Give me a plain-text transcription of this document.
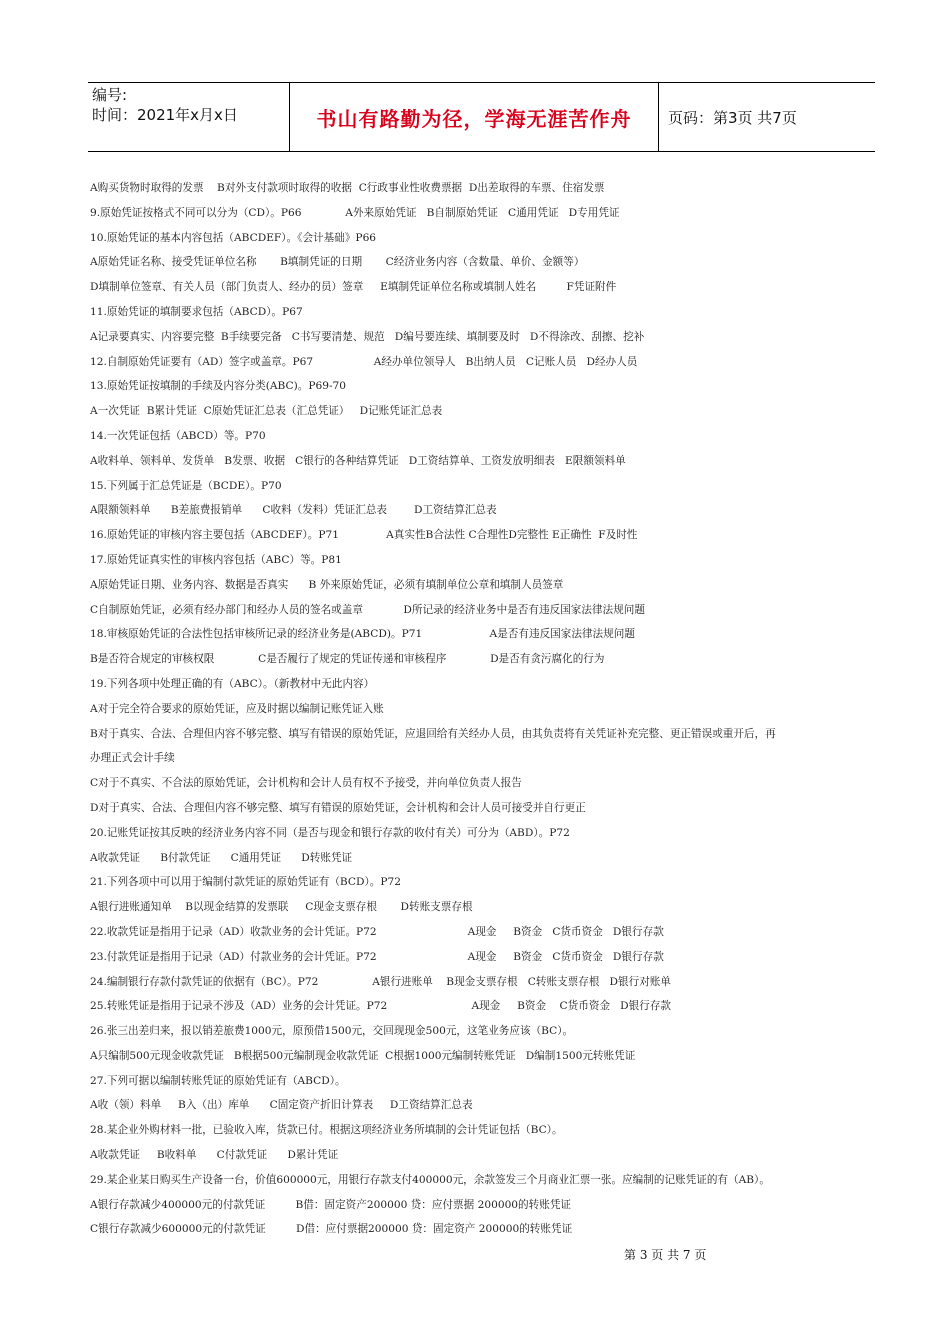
编号:
时间：2021年x月x日	书山有路勤为径，学海无涯苦作舟	页码：第3页 共7页
A购买货物时取得的发票    B对外支付款项时取得的收据  C行政事业性收费票据  D出差取得的车票、住宿发票
9.原始凭证按格式不同可以分为（CD）。P66             A外来原始凭证   B自制原始凭证   C通用凭证   D专用凭证
10.原始凭证的基本内容包括（ABCDEF）。《会计基础》P66
A原始凭证名称、接受凭证单位名称       B填制凭证的日期       C经济业务内容（含数量、单价、金额等）
D填制单位签章、有关人员（部门负责人、经办的员）签章     E填制凭证单位名称或填制人姓名         F凭证附件
11.原始凭证的填制要求包括（ABCD）。P67
A记录要真实、内容要完整  B手续要完备   C书写要清楚、规范   D编号要连续、填制要及时   D不得涂改、刮擦、挖补
12.自制原始凭证要有（AD）签字或盖章。P67                  A经办单位领导人   B出纳人员   C记账人员   D经办人员
13.原始凭证按填制的手续及内容分类(ABC)。P69-70
A一次凭证  B累计凭证  C原始凭证汇总表（汇总凭证）   D记账凭证汇总表
14.一次凭证包括（ABCD）等。P70
A收料单、领料单、发货单   B发票、收据   C银行的各种结算凭证   D工资结算单、工资发放明细表   E限额领料单
15.下列属于汇总凭证是（BCDE）。P70
A限额领料单      B差旅费报销单      C收料（发料）凭证汇总表        D工资结算汇总表
16.原始凭证的审核内容主要包括（ABCDEF）。P71              A真实性B合法性 C合理性D完整性 E正确性  F及时性
17.原始凭证真实性的审核内容包括（ABC）等。P81
A原始凭证日期、业务内容、数据是否真实      B 外来原始凭证，必须有填制单位公章和填制人员签章
C自制原始凭证，必须有经办部门和经办人员的签名或盖章            D所记录的经济业务中是否有违反国家法律法规问题
18.审核原始凭证的合法性包括审核所记录的经济业务是(ABCD)。P71                    A是否有违反国家法律法规问题
B是否符合规定的审核权限             C是否履行了规定的凭证传递和审核程序             D是否有贪污腐化的行为
19.下列各项中处理正确的有（ABC）。（新教材中无此内容）
A对于完全符合要求的原始凭证，应及时据以编制记账凭证入账
B对于真实、合法、合理但内容不够完整、填写有错误的原始凭证，应退回给有关经办人员，由其负责将有关凭证补充完整、更正错误或重开后，再
办理正式会计手续
C对于不真实、不合法的原始凭证，会计机构和会计人员有权不予接受，并向单位负责人报告
D对于真实、合法、合理但内容不够完整、填写有错误的原始凭证，会计机构和会计人员可接受并自行更正
20.记账凭证按其反映的经济业务内容不同（是否与现金和银行存款的收付有关）可分为（ABD）。P72
A收款凭证      B付款凭证      C通用凭证      D转账凭证
21.下列各项中可以用于编制付款凭证的原始凭证有（BCD）。P72
A银行进账通知单    B以现金结算的发票联     C现金支票存根       D转账支票存根
22.收款凭证是指用于记录（AD）收款业务的会计凭证。P72                           A现金     B资金   C货币资金   D银行存款
23.付款凭证是指用于记录（AD）付款业务的会计凭证。P72                           A现金     B资金   C货币资金   D银行存款
24.编制银行存款付款凭证的依据有（BC）。P72                A银行进账单    B现金支票存根   C转账支票存根   D银行对账单
25.转账凭证是指用于记录不涉及（AD）业务的会计凭证。P72                         A现金     B资金    C货币资金   D银行存款
26.张三出差归来，报以销差旅费1000元，原预借1500元，交回现现金500元，这笔业务应该（BC）。
A只编制500元现金收款凭证   B根据500元编制现金收款凭证  C根据1000元编制转账凭证   D编制1500元转账凭证
27.下列可据以编制转账凭证的原始凭证有（ABCD）。
A收（领）料单     B入（出）库单      C固定资产折旧计算表     D工资结算汇总表
28.某企业外购材料一批，已验收入库，货款已付。根据这项经济业务所填制的会计凭证包括（BC）。
A收款凭证     B收料单      C付款凭证      D累计凭证
29.某企业某日购买生产设备一台，价值600000元，用银行存款支付400000元，余款签发三个月商业汇票一张。应编制的记账凭证的有（AB）。
A银行存款减少400000元的付款凭证         B借：固定资产200000 贷：应付票据 200000的转账凭证
C银行存款减少600000元的付款凭证         D借：应付票据200000 贷：固定资产 200000的转账凭证
第 3 页 共 7 页
